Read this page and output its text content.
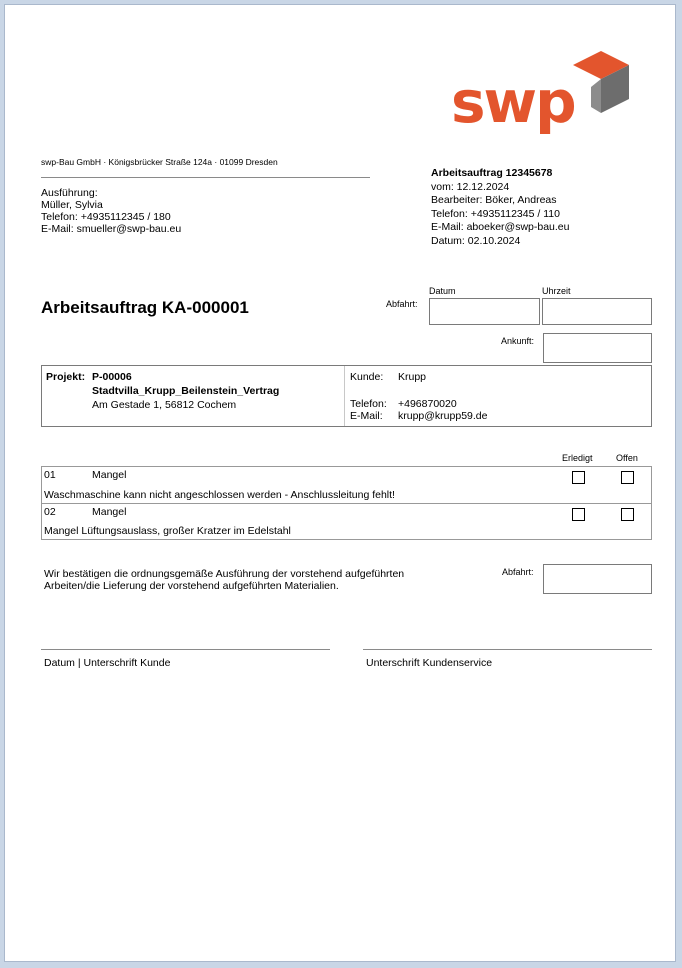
swp
swp-Bau GmbH · Königsbrücker Straße 124a · 01099 Dresden
Ausführung:
Müller, Sylvia
Telefon: +4935112345 / 180
E-Mail: smueller@swp-bau.eu
Arbeitsauftrag 12345678
vom: 12.12.2024
Bearbeiter: Böker, Andreas
Telefon: +4935112345 / 110
E-Mail: aboeker@swp-bau.eu
Datum: 02.10.2024
Arbeitsauftrag KA-000001
Datum	Uhrzeit
Abfahrt:
Ankunft:
Projekt: P-00006
Stadtvilla_Krupp_Beilenstein_Vertrag
Am Gestade 1, 56812 Cochem
Kunde: Krupp
Telefon: +496870020
E-Mail: krupp@krupp59.de
Erledigt	Offen
01	Mangel
Waschmaschine kann nicht angeschlossen werden - Anschlussleitung fehlt!
02	Mangel
Mangel Lüftungsauslass, großer Kratzer im Edelstahl
Wir bestätigen die ordnungsgemäße Ausführung der vorstehend aufgeführten
Arbeiten/die Lieferung der vorstehend aufgeführten Materialien.
Abfahrt:
Datum | Unterschrift Kunde	Unterschrift Kundenservice
